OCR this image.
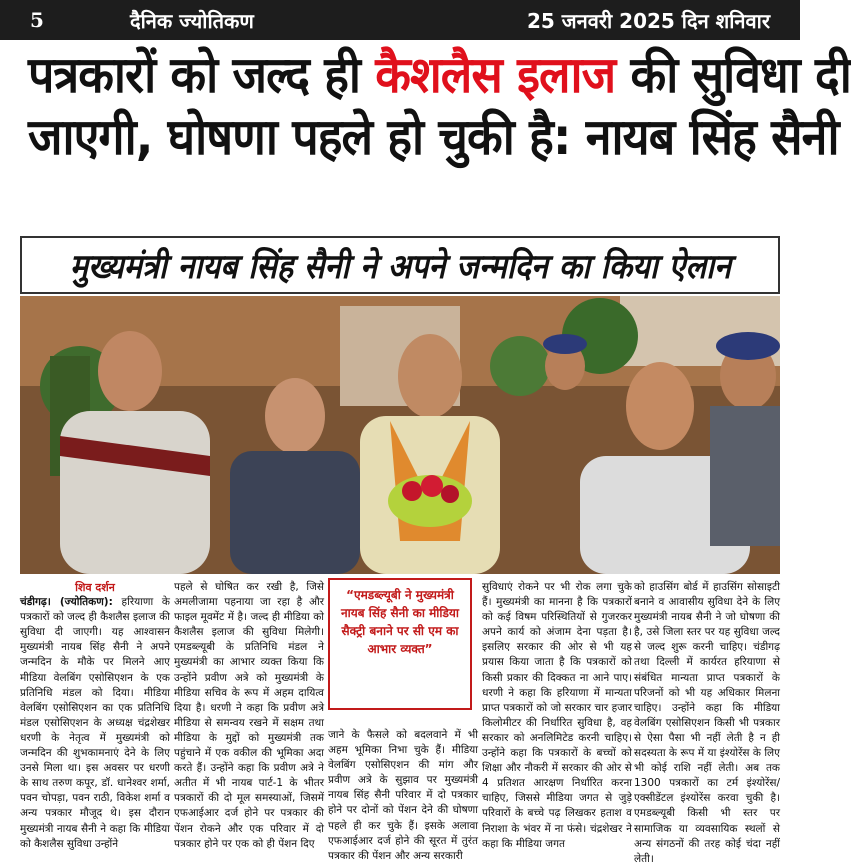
5	दैनिक ज्योतिकण	25 जनवरी 2025 दिन शनिवार
पत्रकारों को जल्द ही कैशलैस इलाज की सुविधा दी
जाएगी, घोषणा पहले हो चुकी है: नायब सिंह सैनी
मुख्यमंत्री नायब सिंह सैनी ने अपने जन्मदिन का किया ऐलान
शिव दर्शन

चंडीगढ़। (ज्योतिकण): हरियाणा के पत्रकारों को जल्द ही कैशलैस इलाज की सुविधा दी जाएगी। यह आश्वासन मुख्यमंत्री नायब सिंह सैनी ने अपने जन्मदिन के मौके पर मिलने आए मीडिया वेलबिंग एसोसिएशन के एक प्रतिनिधि मंडल को दिया। मीडिया वेलबिंग एसोसिएशन का एक प्रतिनिधि मंडल एसोसिएशन के अध्यक्ष चंद्रशेखर धरणी के नेतृत्व में मुख्यमंत्री को जन्मदिन की शुभकामनाएं देने के लिए उनसे मिला था। इस अवसर पर धरणी के साथ तरुण कपूर, डॉ. धानेश्वर शर्मा, पवन चोपड़ा, पवन राठी, विकेश शर्मा व अन्य पत्रकार मौजूद थे। इस दौरान मुख्यमंत्री नायब सैनी ने कहा कि मीडिया को कैशलैस सुविधा उन्होंने

पहले से घोषित कर रखी है, जिसे अमलीजामा पहनाया जा रहा है और फाइल मूवमेंट में है। जल्द ही मीडिया को कैशलैस इलाज की सुविधा मिलेगी। एमडब्ल्यूबी के प्रतिनिधि मंडल ने मुख्यमंत्री का आभार व्यक्त किया कि उन्होंने प्रवीण अत्रे को मुख्यमंत्री के मीडिया सचिव के रूप में अहम दायित्व दिया है। धरणी ने कहा कि प्रवीण अत्रे मीडिया से समन्वय रखने में सक्षम तथा मीडिया के मुद्दों को मुख्यमंत्री तक पहुंचाने में एक वकील की भूमिका अदा करते हैं। उन्होंने कहा कि प्रवीण अत्रे ने अतीत में भी नायब पार्ट-1 के भीतर पत्रकारों की दो मूल समस्याओं, जिसमें एफआईआर दर्ज होने पर पत्रकार की पेंशन रोकने और एक परिवार में दो पत्रकार होने पर एक को ही पेंशन दिए

जाने के फैसले को बदलवाने में भी अहम भूमिका निभा चुके हैं। मीडिया वेलबिंग एसोसिएशन की मांग और प्रवीण अत्रे के सुझाव पर मुख्यमंत्री नायब सिंह सैनी परिवार में दो पत्रकार होने पर दोनों को पेंशन देने की घोषणा पहले ही कर चुके हैं। इसके अलावा एफआईआर दर्ज होने की सूरत में तुरंत पत्रकार की पेंशन और अन्य सरकारी

सुविधाएं रोकने पर भी रोक लगा चुके हैं। मुख्यमंत्री का मानना है कि पत्रकारों को कई विषम परिस्थितियों से गुजरकर अपने कार्य को अंजाम देना पड़ता है। इसलिए सरकार की ओर से भी यह प्रयास किया जाता है कि पत्रकारों को किसी प्रकार की दिक्कत ना आने पाए। धरणी ने कहा कि हरियाणा में मान्यता प्राप्त पत्रकारों को जो सरकार चार हजार किलोमीटर की निर्धारित सुविधा है, वह सरकार को अनलिमिटेड करनी चाहिए। उन्होंने कहा कि पत्रकारों के बच्चों को शिक्षा और नौकरी में सरकार की ओर से 4 प्रतिशत आरक्षण निर्धारित करना चाहिए, जिससे मीडिया जगत से जुड़े परिवारों के बच्चे पढ़ लिखकर हताश व निराशा के भंवर में ना फंसे। चंद्रशेखर ने कहा कि मीडिया जगत

को हाउसिंग बोर्ड में हाउसिंग सोसाइटी बनाने व आवासीय सुविधा देने के लिए मुख्यमंत्री नायब सैनी ने जो घोषणा की है, उसे जिला स्तर पर यह सुविधा जल्द से जल्द शुरू करनी चाहिए। चंडीगढ़ तथा दिल्ली में कार्यरत हरियाणा से संबंधित मान्यता प्राप्त पत्रकारों के परिजनों को भी यह अधिकार मिलना चाहिए। उन्होंने कहा कि मीडिया वेलबिंग एसोसिएशन किसी भी पत्रकार से ऐसा पैसा भी नहीं लेती है न ही सदस्यता के रूप में या इंश्योरेंस के लिए भी कोई राशि नहीं लेती। अब तक 1300 पत्रकारों का टर्म इंश्योरेंस/एक्सीडेंटल इंश्योरेंस करवा चुकी है। एमडब्ल्यूबी किसी भी स्तर पर सामाजिक या व्यवसायिक स्थलों से अन्य संगठनों की तरह कोई चंदा नहीं लेती।

“एमडब्ल्यूबी ने मुख्यमंत्री नायब सिंह सैनी का मीडिया सैक्ट्री बनाने पर सी एम का आभार व्यक्त”
